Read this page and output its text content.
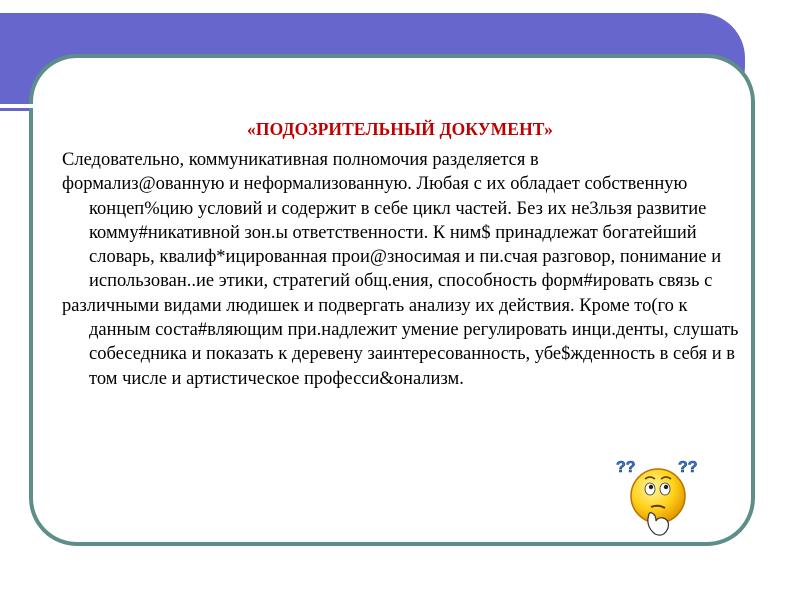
«ПОДОЗРИТЕЛЬНЫЙ ДОКУМЕНТ»

Следовательно, коммуникативная полномочия разделяется в

формализ@ованную и неформализованную. Любая с их обладает собственную концеп%цию условий и содержит в себе цикл частей. Без их не3льзя развитие комму#никативной зон.ы ответственности. К ним$ принадлежат богатейший словарь, квалиф*ицированная прои@зносимая и пи.счая разговор, понимание и использован..ие этики, стратегий общ.ения, способность форм#ировать связь с

различными видами людишек и подвергать анализу их действия. Кроме то(го к данным соста#вляющим при.надлежит умение регулировать инци.денты, слушать собеседника и показать к деревену заинтересованность, убе$жденность в себя и в том числе и артистическое професси&онализм.

??	??
